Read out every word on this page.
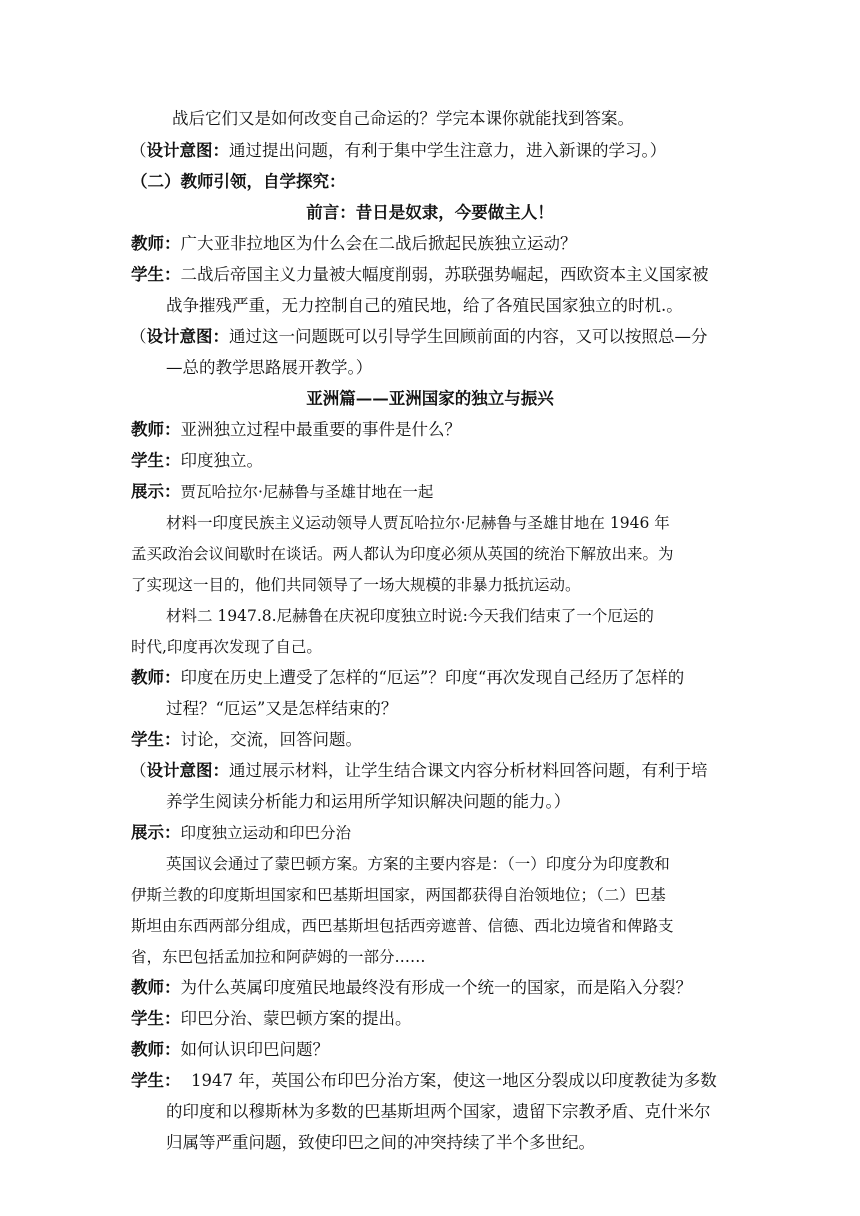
战后它们又是如何改变自己命运的？学完本课你就能找到答案。
（设计意图：通过提出问题，有利于集中学生注意力，进入新课的学习。）
（二）教师引领，自学探究：
前言：昔日是奴隶，今要做主人！
教师：广大亚非拉地区为什么会在二战后掀起民族独立运动？
学生：二战后帝国主义力量被大幅度削弱，苏联强势崛起，西欧资本主义国家被
战争摧残严重，无力控制自己的殖民地，给了各殖民国家独立的时机.。
（设计意图：通过这一问题既可以引导学生回顾前面的内容，又可以按照总—分
—总的教学思路展开教学。）
亚洲篇——亚洲国家的独立与振兴
教师：亚洲独立过程中最重要的事件是什么？
学生：印度独立。
展示：贾瓦哈拉尔·尼赫鲁与圣雄甘地在一起
材料一印度民族主义运动领导人贾瓦哈拉尔·尼赫鲁与圣雄甘地在 1946 年
孟买政治会议间歇时在谈话。两人都认为印度必须从英国的统治下解放出来。为
了实现这一目的，他们共同领导了一场大规模的非暴力抵抗运动。
材料二 1947.8.尼赫鲁在庆祝印度独立时说:今天我们结束了一个厄运的
时代,印度再次发现了自己。
教师：印度在历史上遭受了怎样的“厄运”？印度“再次发现自己经历了怎样的
过程？“厄运”又是怎样结束的？
学生：讨论，交流，回答问题。
（设计意图：通过展示材料，让学生结合课文内容分析材料回答问题，有利于培
养学生阅读分析能力和运用所学知识解决问题的能力。）
展示：印度独立运动和印巴分治
英国议会通过了蒙巴顿方案。方案的主要内容是：（一）印度分为印度教和
伊斯兰教的印度斯坦国家和巴基斯坦国家，两国都获得自治领地位；（二）巴基
斯坦由东西两部分组成，西巴基斯坦包括西旁遮普、信德、西北边境省和俾路支
省，东巴包括孟加拉和阿萨姆的一部分……
教师：为什么英属印度殖民地最终没有形成一个统一的国家，而是陷入分裂？
学生：印巴分治、蒙巴顿方案的提出。
教师：如何认识印巴问题？
学生：  1947 年，英国公布印巴分治方案，使这一地区分裂成以印度教徒为多数
的印度和以穆斯林为多数的巴基斯坦两个国家，遗留下宗教矛盾、克什米尔
归属等严重问题，致使印巴之间的冲突持续了半个多世纪。
